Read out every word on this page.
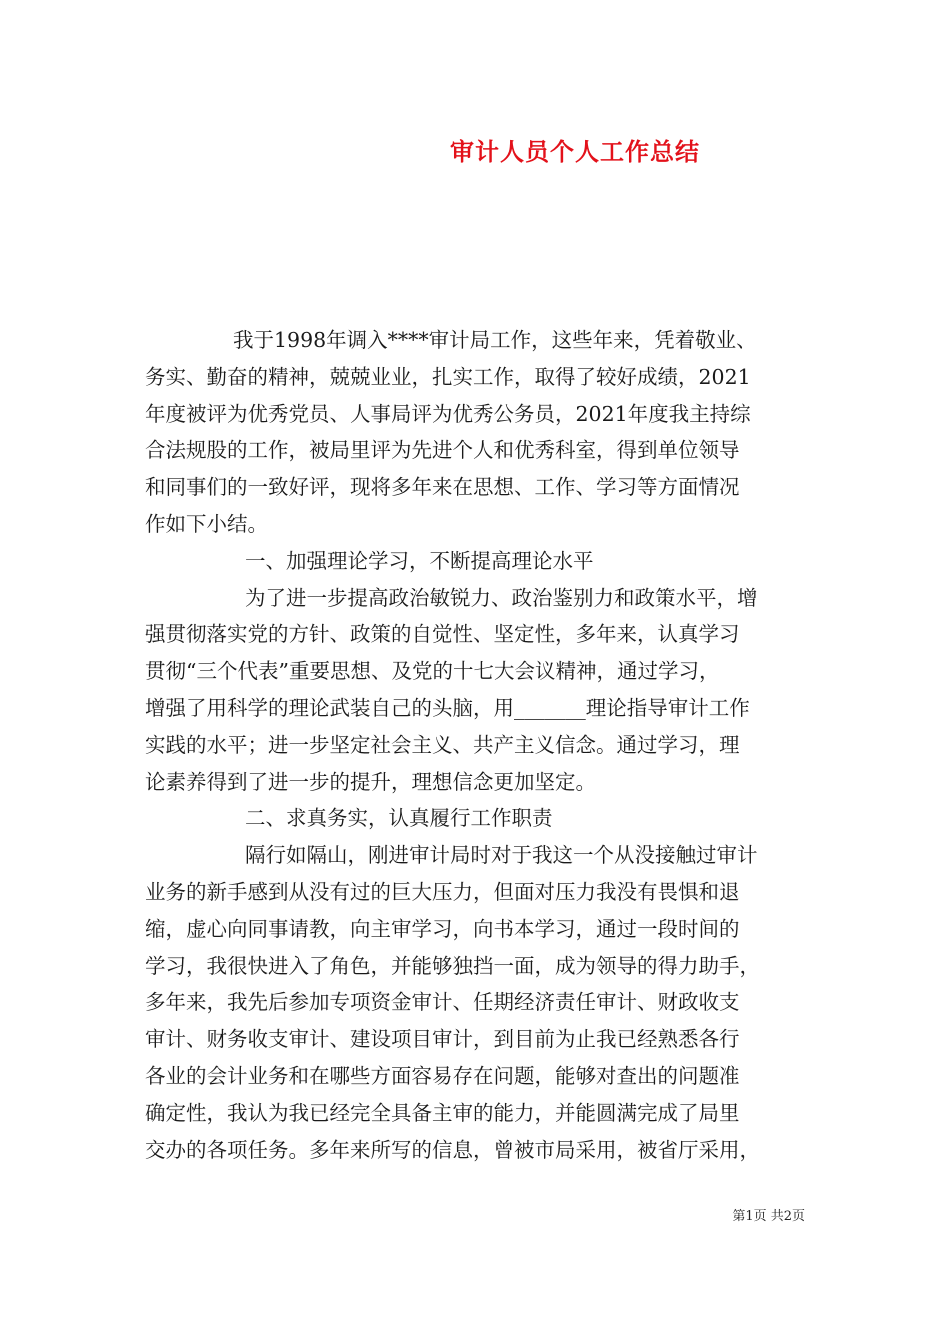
审计人员个人工作总结

我于1998年调入****审计局工作，这些年来，凭着敬业、
务实、勤奋的精神，兢兢业业，扎实工作，取得了较好成绩，2021
年度被评为优秀党员、人事局评为优秀公务员，2021年度我主持综
合法规股的工作，被局里评为先进个人和优秀科室，得到单位领导
和同事们的一致好评，现将多年来在思想、工作、学习等方面情况
作如下小结。

一、加强理论学习，不断提高理论水平

为了进一步提高政治敏锐力、政治鉴别力和政策水平，增
强贯彻落实党的方针、政策的自觉性、坚定性，多年来，认真学习
贯彻“三个代表”重要思想、及党的十七大会议精神，通过学习，
增强了用科学的理论武装自己的头脑，用_______理论指导审计工作
实践的水平；进一步坚定社会主义、共产主义信念。通过学习，理
论素养得到了进一步的提升，理想信念更加坚定。

二、求真务实，认真履行工作职责

隔行如隔山，刚进审计局时对于我这一个从没接触过审计
业务的新手感到从没有过的巨大压力，但面对压力我没有畏惧和退
缩，虚心向同事请教，向主审学习，向书本学习，通过一段时间的
学习，我很快进入了角色，并能够独挡一面，成为领导的得力助手，
多年来，我先后参加专项资金审计、任期经济责任审计、财政收支
审计、财务收支审计、建设项目审计，到目前为止我已经熟悉各行
各业的会计业务和在哪些方面容易存在问题，能够对查出的问题准
确定性，我认为我已经完全具备主审的能力，并能圆满完成了局里
交办的各项任务。多年来所写的信息，曾被市局采用，被省厅采用，

第1页 共2页
